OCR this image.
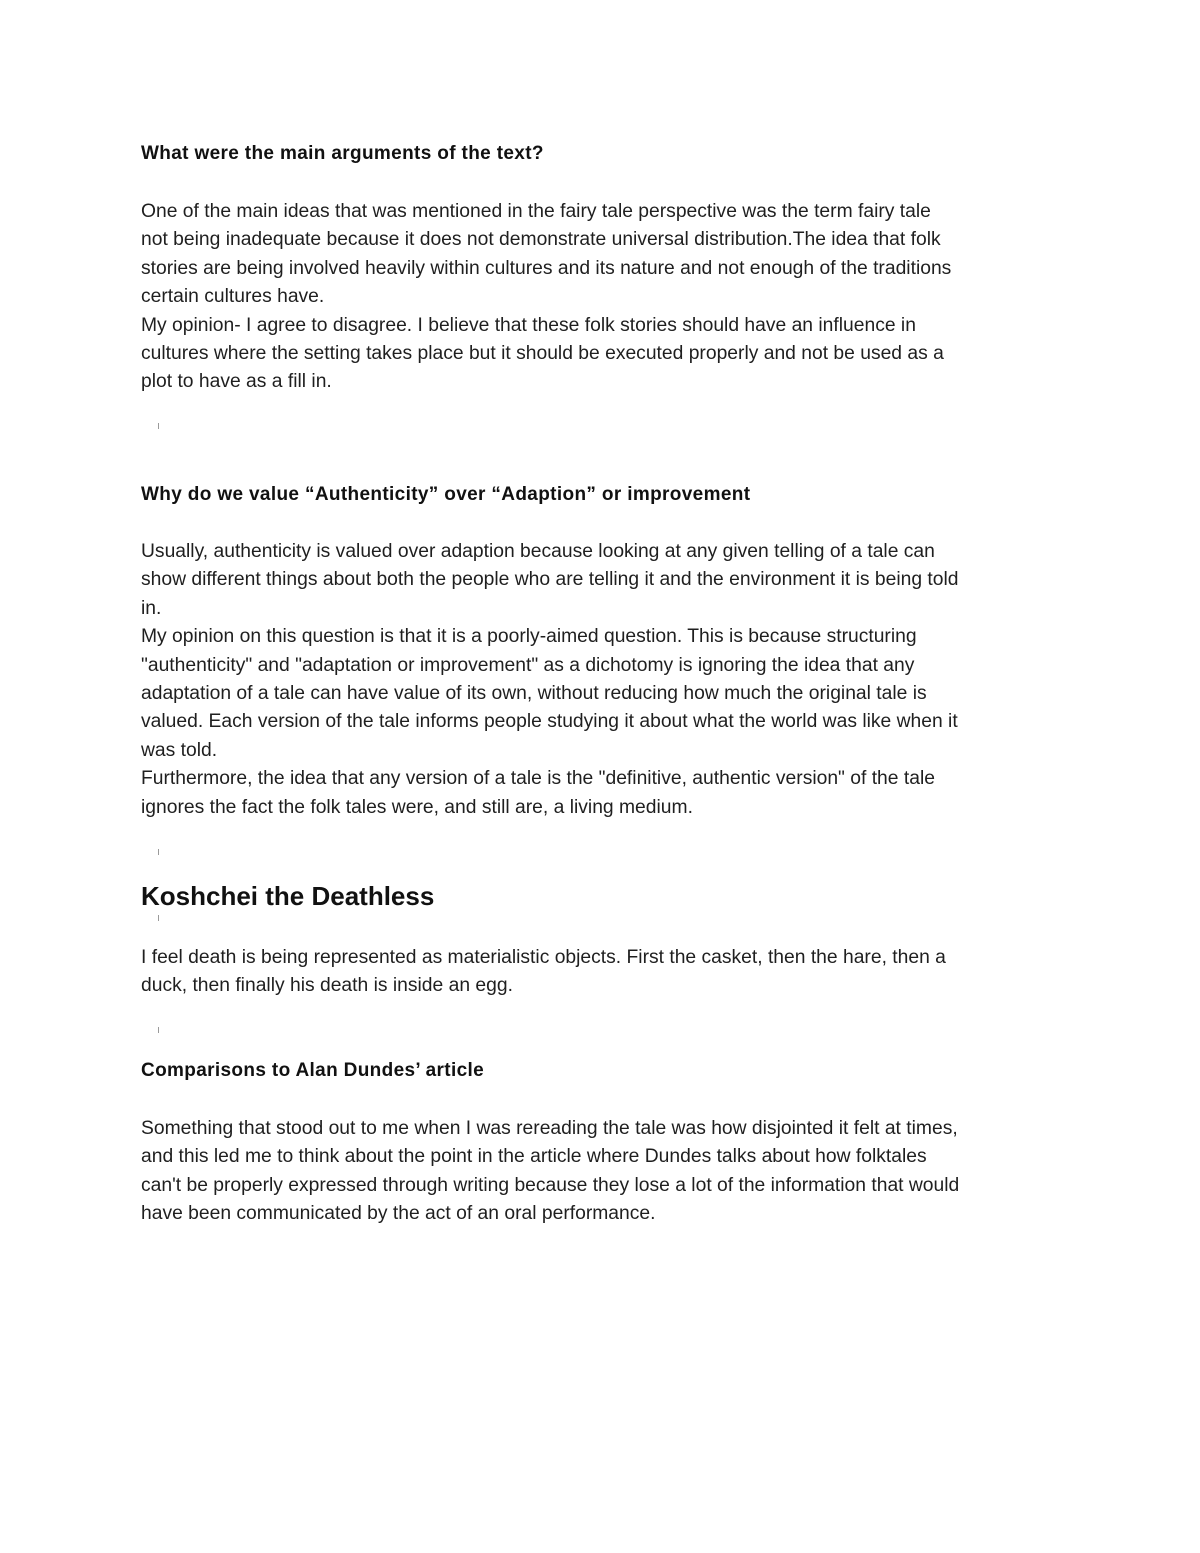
What were the main arguments of the text?
One of the main ideas that was mentioned in the fairy tale perspective was the term fairy tale
not being inadequate because it does not demonstrate universal distribution.The idea that folk
stories are being involved heavily within cultures and its nature and not enough of the traditions
certain cultures have.
My opinion- I agree to disagree. I believe that these folk stories should have an influence in
cultures where the setting takes place but it should be executed properly and not be used as a
plot to have as a fill in.
Why do we value “Authenticity” over “Adaption” or improvement
Usually, authenticity is valued over adaption because looking at any given telling of a tale can
show different things about both the people who are telling it and the environment it is being told
in.
My opinion on this question is that it is a poorly-aimed question. This is because structuring
"authenticity" and "adaptation or improvement" as a dichotomy is ignoring the idea that any
adaptation of a tale can have value of its own, without reducing how much the original tale is
valued. Each version of the tale informs people studying it about what the world was like when it
was told.
Furthermore, the idea that any version of a tale is the "definitive, authentic version" of the tale
ignores the fact the folk tales were, and still are, a living medium.
Koshchei the Deathless
I feel death is being represented as materialistic objects. First the casket, then the hare, then a
duck, then finally his death is inside an egg.
Comparisons to Alan Dundes’ article
Something that stood out to me when I was rereading the tale was how disjointed it felt at times,
and this led me to think about the point in the article where Dundes talks about how folktales
can't be properly expressed through writing because they lose a lot of the information that would
have been communicated by the act of an oral performance.
